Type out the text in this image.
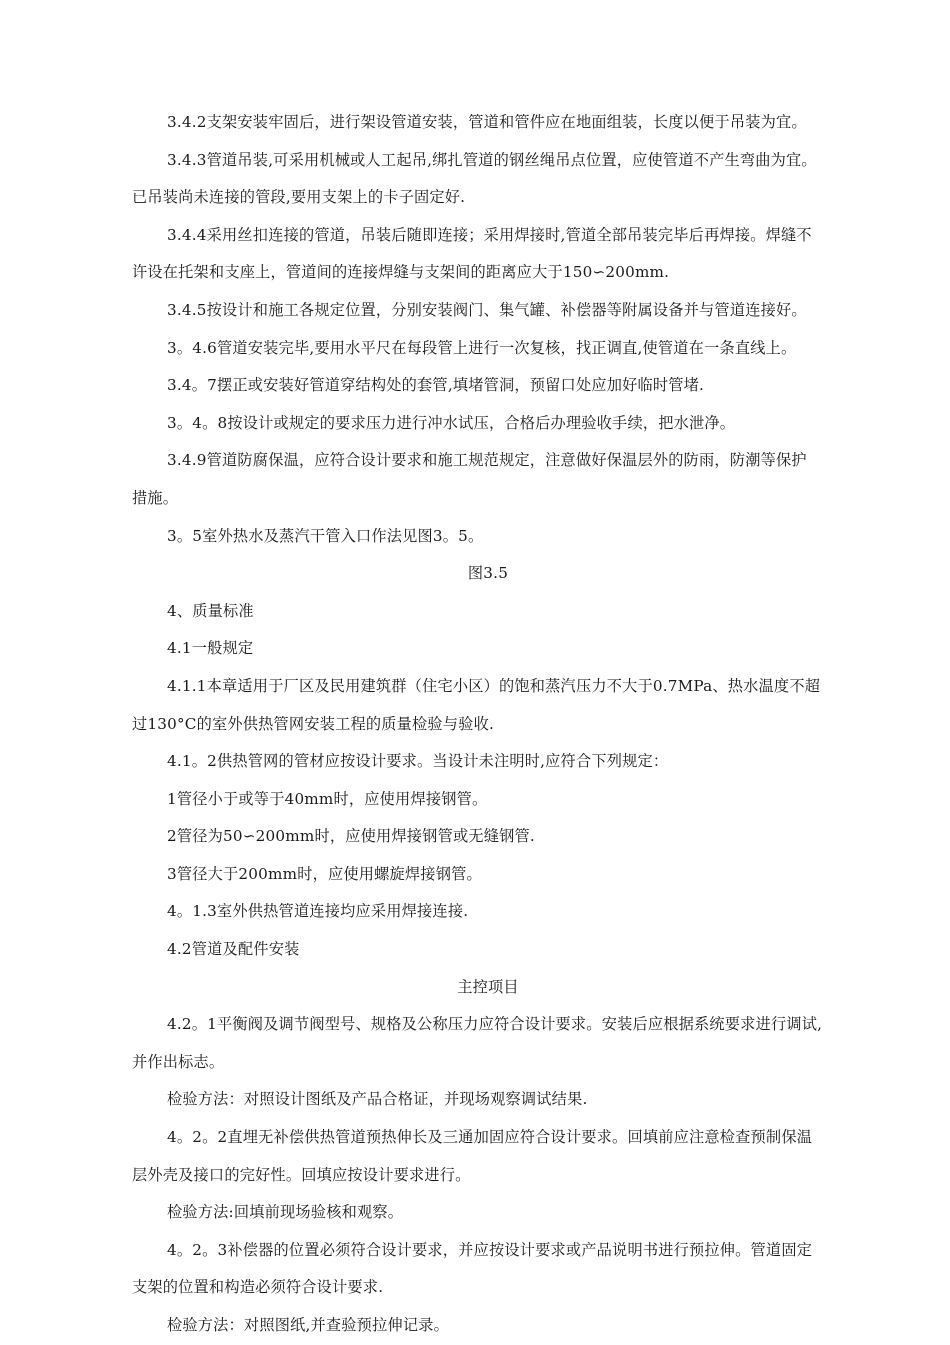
3.4.2支架安装牢固后，进行架设管道安装，管道和管件应在地面组装，长度以便于吊装为宜。
3.4.3管道吊装,可采用机械或人工起吊,绑扎管道的钢丝绳吊点位置，应使管道不产生弯曲为宜。
已吊装尚未连接的管段,要用支架上的卡子固定好.
3.4.4采用丝扣连接的管道，吊装后随即连接；采用焊接时,管道全部吊装完毕后再焊接。焊缝不
许设在托架和支座上，管道间的连接焊缝与支架间的距离应大于150∽200mm.
3.4.5按设计和施工各规定位置，分别安装阀门、集气罐、补偿器等附属设备并与管道连接好。
3。4.6管道安装完毕,要用水平尺在每段管上进行一次复核，找正调直,使管道在一条直线上。
3.4。7摆正或安装好管道穿结构处的套管,填堵管洞，预留口处应加好临时管堵.
3。4。8按设计或规定的要求压力进行冲水试压，合格后办理验收手续，把水泄净。
3.4.9管道防腐保温，应符合设计要求和施工规范规定，注意做好保温层外的防雨，防潮等保护
措施。
3。5室外热水及蒸汽干管入口作法见图3。5。
图3.5
4、质量标准
4.1一般规定
4.1.1本章适用于厂区及民用建筑群（住宅小区）的饱和蒸汽压力不大于0.7MPa、热水温度不超
过130°C的室外供热管网安装工程的质量检验与验收.
4.1。2供热管网的管材应按设计要求。当设计未注明时,应符合下列规定：
1管径小于或等于40mm时，应使用焊接钢管。
2管径为50∽200mm时，应使用焊接钢管或无缝钢管.
3管径大于200mm时，应使用螺旋焊接钢管。
4。1.3室外供热管道连接均应采用焊接连接.
4.2管道及配件安装
主控项目
4.2。1平衡阀及调节阀型号、规格及公称压力应符合设计要求。安装后应根据系统要求进行调试,
并作出标志。
检验方法：对照设计图纸及产品合格证，并现场观察调试结果.
4。2。2直埋无补偿供热管道预热伸长及三通加固应符合设计要求。回填前应注意检查预制保温
层外壳及接口的完好性。回填应按设计要求进行。
检验方法:回填前现场验核和观察。
4。2。3补偿器的位置必须符合设计要求，并应按设计要求或产品说明书进行预拉伸。管道固定
支架的位置和构造必须符合设计要求.
检验方法：对照图纸,并查验预拉伸记录。
